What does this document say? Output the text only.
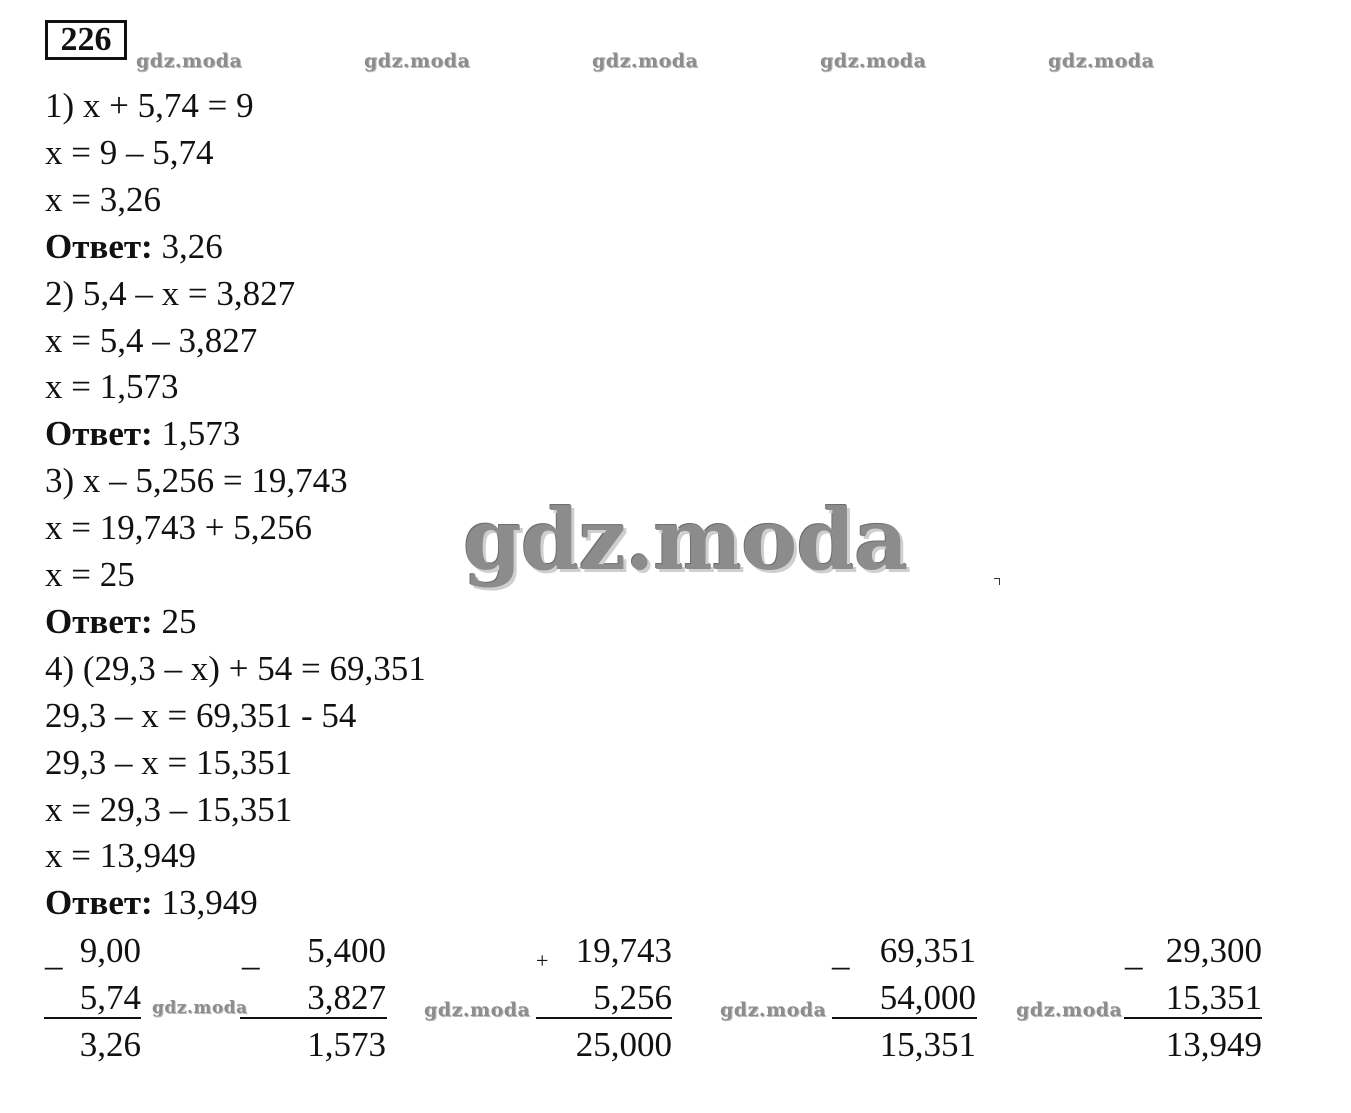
226
gdz.moda	gdz.moda	gdz.moda	gdz.moda	gdz.moda
1) x + 5,74 = 9
x = 9 – 5,74
x = 3,26
Ответ: 3,26
2) 5,4 – x = 3,827
x = 5,4 – 3,827
x = 1,573
Ответ: 1,573
3) x – 5,256 = 19,743
x = 19,743 + 5,256
x = 25
Ответ: 25
4) (29,3 – x) + 54 = 69,351
29,3 – x = 69,351 - 54
29,3 – x = 15,351
x = 29,3 – 15,351
x = 13,949
Ответ: 13,949
gdz.moda
_ 9,00
5,74
3,26
gdz.moda
_	5,400
3,827
1,573
gdz.moda
+ 19,743
5,256
25,000
gdz.moda
_ 69,351
54,000
15,351
gdz.moda
_ 29,300
15,351
13,949
